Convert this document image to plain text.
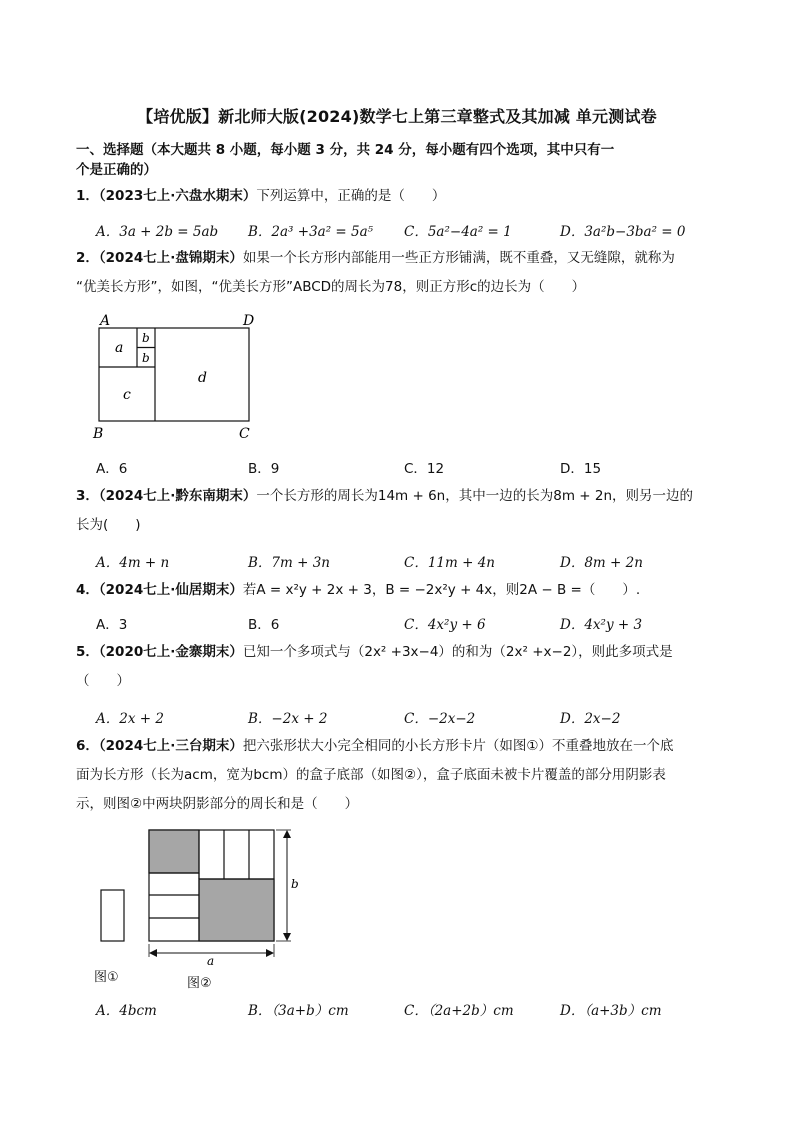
【培优版】新北师大版(2024)数学七上第三章整式及其加减 单元测试卷
一、选择题（本大题共 8 小题，每小题 3 分，共 24 分，每小题有四个选项，其中只有一
个是正确的）
1．（2023七上·六盘水期末）下列运算中，正确的是（　　）
A．3a + 2b = 5ab B．2a³ +3a² = 5a⁵ C．5a²−4a² = 1	D．3a²b−3ba² = 0
2．（2024七上·盘锦期末）如果一个长方形内部能用一些正方形铺满，既不重叠，又无缝隙，就称为
“优美长方形”，如图，“优美长方形”ABCD的周长为78，则正方形c的边长为（　　）
A	D
B	C
a
b
b
c
d
A．6	B．9	C．12	D．15
3．（2024七上·黔东南期末）一个长方形的周长为14m + 6n，其中一边的长为8m + 2n，则另一边的
长为(　　)
A．4m + n	B．7m + 3n	C．11m + 4n	D．8m + 2n
4．（2024七上·仙居期末）若A = x²y + 2x + 3，B = −2x²y + 4x，则2A − B =（　　）.
A．3	B．6	C．4x²y + 6	D．4x²y + 3
5．（2020七上·金寨期末）已知一个多项式与（2x² +3x−4）的和为（2x² +x−2），则此多项式是
（　　）
A．2x + 2	B．−2x + 2	C．−2x−2	D．2x−2
6．（2024七上·三台期末）把六张形状大小完全相同的小长方形卡片（如图①）不重叠地放在一个底
面为长方形（长为acm，宽为bcm）的盒子底部（如图②），盒子底面未被卡片覆盖的部分用阴影表
示，则图②中两块阴影部分的周长和是（　　）
b
a
图①	图②
A．4bcm	B．（3a+b）cm	C．（2a+2b）cm	D．（a+3b）cm
